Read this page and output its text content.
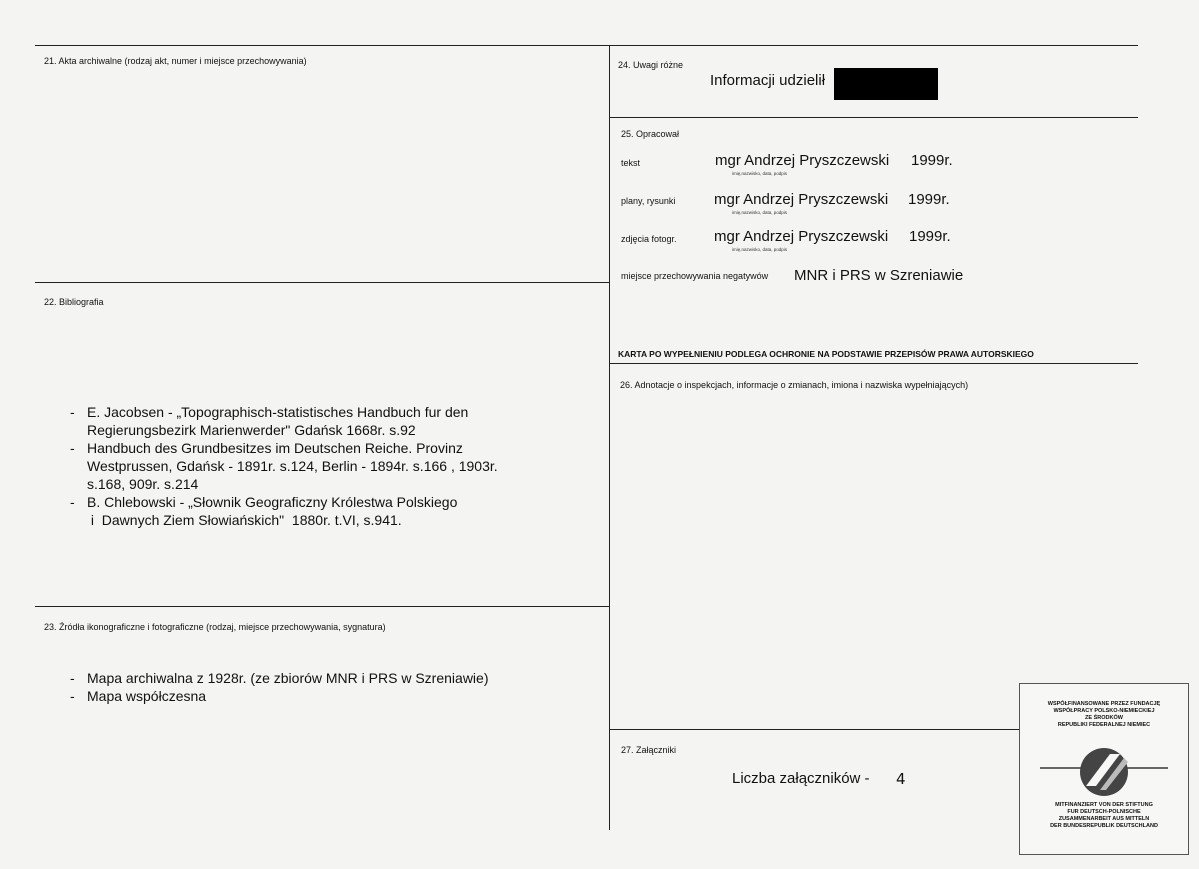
21. Akta archiwalne (rodzaj akt, numer i miejsce przechowywania)
22. Bibliografia
- E. Jacobsen - „Topographisch-statistisches Handbuch fur den
Regierungsbezirk Marienwerder" Gdańsk 1668r. s.92
- Handbuch des Grundbesitzes im Deutschen Reiche. Provinz
Westprussen, Gdańsk - 1891r. s.124, Berlin - 1894r. s.166 , 1903r.
s.168, 909r. s.214
- B. Chlebowski - „Słownik Geograficzny Królestwa Polskiego
i  Dawnych Ziem Słowiańskich"  1880r. t.VI, s.941.
23. Źródła ikonograficzne i fotograficzne (rodzaj, miejsce przechowywania, sygnatura)
- Mapa archiwalna z 1928r. (ze zbiorów MNR i PRS w Szreniawie)
- Mapa współczesna
24. Uwagi różne
Informacji udzielił
25. Opracował
tekst	mgr Andrzej Pryszczewski 1999r.
imię,nazwisko, data, podpis
plany, rysunki	mgr Andrzej Pryszczewski 1999r.
imię,nazwisko, data, podpis
zdjęcia fotogr. mgr Andrzej Pryszczewski 1999r.
imię,nazwisko, data, podpis
miejsce przechowywania negatywów MNR i PRS w Szreniawie
KARTA PO WYPEŁNIENIU PODLEGA OCHRONIE NA PODSTAWIE PRZEPISÓW PRAWA AUTORSKIEGO
26. Adnotacje o inspekcjach, informacje o zmianach, imiona i nazwiska wypełniających)
27. Załączniki
Liczba załączników - 4
WSPÓŁFINANSOWANE PRZEZ FUNDACJĘ
WSPÓŁPRACY POLSKO-NIEMIECKIEJ
ZE ŚRODKÓW
REPUBLIKI FEDERALNEJ NIEMIEC
MITFINANZIERT VON DER STIFTUNG
FUR DEUTSCH-POLNISCHE
ZUSAMMENARBEIT AUS MITTELN
DER BUNDESREPUBLIK DEUTSCHLAND
